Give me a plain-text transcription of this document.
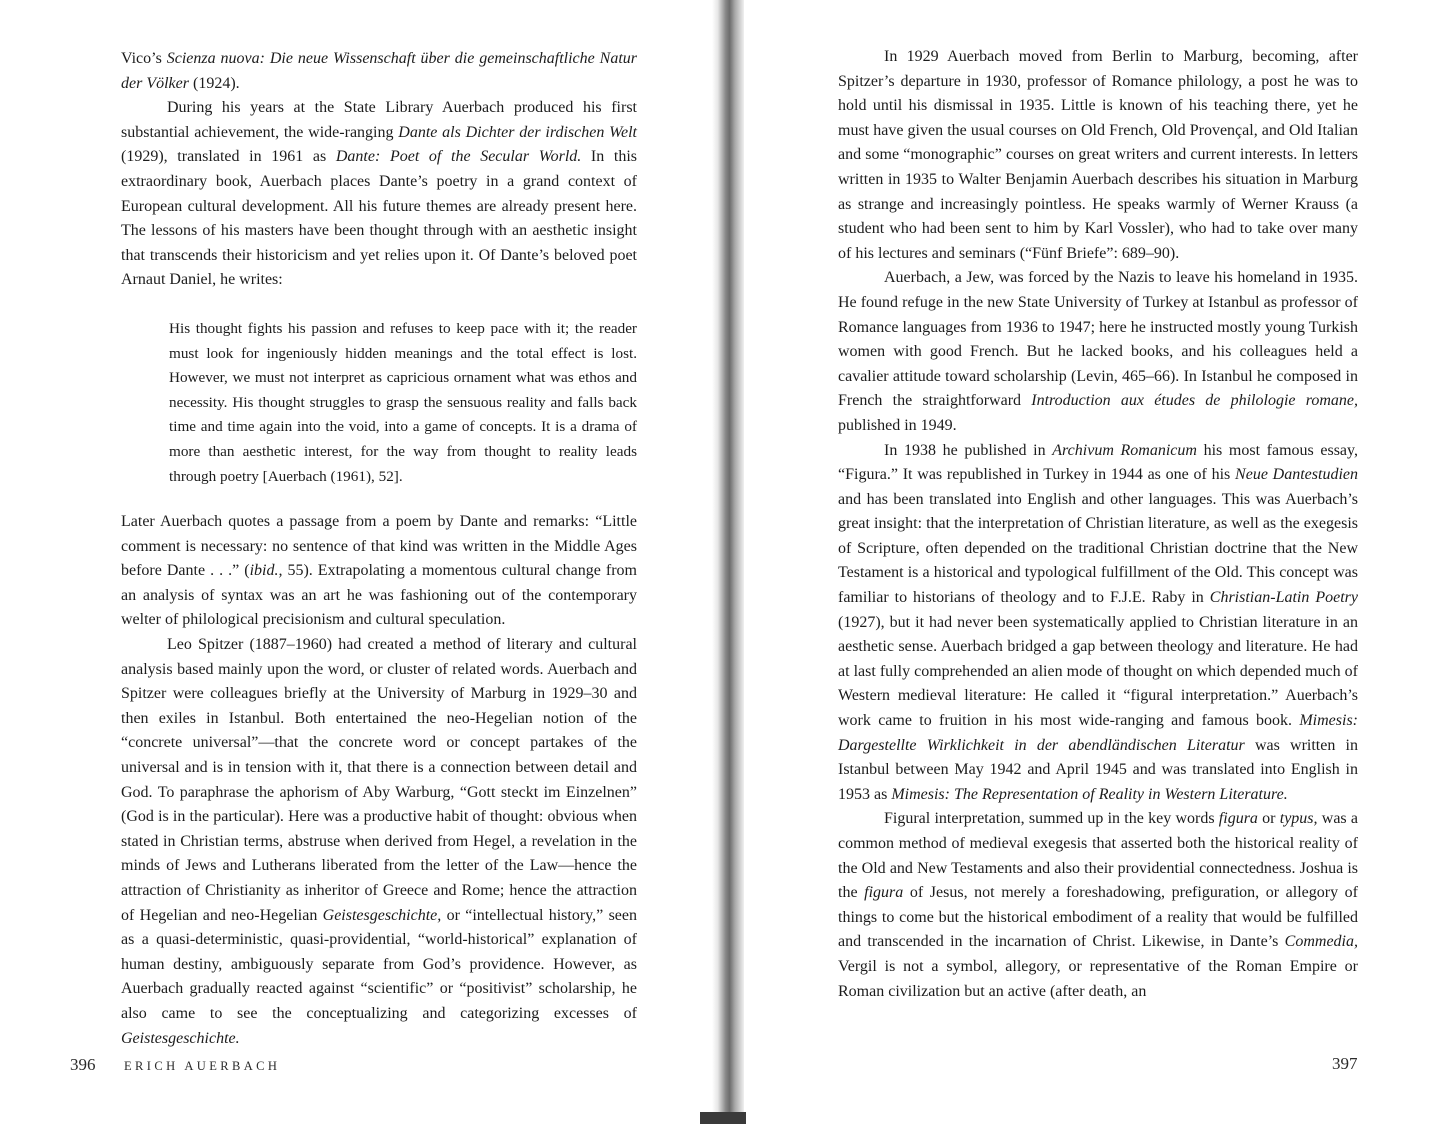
Vico’s Scienza nuova: Die neue Wissenschaft über die gemeinschaftliche Natur der Völker (1924).

During his years at the State Library Auerbach produced his first substantial achievement, the wide-ranging Dante als Dichter der irdischen Welt (1929), translated in 1961 as Dante: Poet of the Secular World. In this extraordinary book, Auerbach places Dante’s poetry in a grand context of European cultural development. All his future themes are already present here. The lessons of his masters have been thought through with an aesthetic insight that transcends their historicism and yet relies upon it. Of Dante’s beloved poet Arnaut Daniel, he writes:

His thought fights his passion and refuses to keep pace with it; the reader must look for ingeniously hidden meanings and the total effect is lost. However, we must not interpret as capricious ornament what was ethos and necessity. His thought struggles to grasp the sensuous reality and falls back time and time again into the void, into a game of concepts. It is a drama of more than aesthetic interest, for the way from thought to reality leads through poetry [Auerbach (1961), 52].

Later Auerbach quotes a passage from a poem by Dante and remarks: “Little comment is necessary: no sentence of that kind was written in the Middle Ages before Dante . . .” (ibid., 55). Extrapolating a momentous cultural change from an analysis of syntax was an art he was fashioning out of the contemporary welter of philological precisionism and cultural speculation.

Leo Spitzer (1887–1960) had created a method of literary and cultural analysis based mainly upon the word, or cluster of related words. Auerbach and Spitzer were colleagues briefly at the University of Marburg in 1929–30 and then exiles in Istanbul. Both entertained the neo-Hegelian notion of the “concrete universal”—that the concrete word or concept partakes of the universal and is in tension with it, that there is a connection between detail and God. To paraphrase the aphorism of Aby Warburg, “Gott steckt im Einzelnen” (God is in the particular). Here was a productive habit of thought: obvious when stated in Christian terms, abstruse when derived from Hegel, a revelation in the minds of Jews and Lutherans liberated from the letter of the Law—hence the attraction of Christianity as inheritor of Greece and Rome; hence the attraction of Hegelian and neo-Hegelian Geistesgeschichte, or “intellectual history,” seen as a quasi-deterministic, quasi-providential, “world-historical” explanation of human destiny, ambiguously separate from God’s providence. However, as Auerbach gradually reacted against “scientific” or “positivist” scholarship, he also came to see the conceptualizing and categorizing excesses of Geistesgeschichte.

396 ERICH AUERBACH

In 1929 Auerbach moved from Berlin to Marburg, becoming, after Spitzer’s departure in 1930, professor of Romance philology, a post he was to hold until his dismissal in 1935. Little is known of his teaching there, yet he must have given the usual courses on Old French, Old Provençal, and Old Italian and some “monographic” courses on great writers and current interests. In letters written in 1935 to Walter Benjamin Auerbach describes his situation in Marburg as strange and increasingly pointless. He speaks warmly of Werner Krauss (a student who had been sent to him by Karl Vossler), who had to take over many of his lectures and seminars (“Fünf Briefe”: 689–90).

Auerbach, a Jew, was forced by the Nazis to leave his homeland in 1935. He found refuge in the new State University of Turkey at Istanbul as professor of Romance languages from 1936 to 1947; here he instructed mostly young Turkish women with good French. But he lacked books, and his colleagues held a cavalier attitude toward scholarship (Levin, 465–66). In Istanbul he composed in French the straightforward Introduction aux études de philologie romane, published in 1949.

In 1938 he published in Archivum Romanicum his most famous essay, “Figura.” It was republished in Turkey in 1944 as one of his Neue Dantestudien and has been translated into English and other languages. This was Auerbach’s great insight: that the interpretation of Christian literature, as well as the exegesis of Scripture, often depended on the traditional Christian doctrine that the New Testament is a historical and typological fulfillment of the Old. This concept was familiar to historians of theology and to F.J.E. Raby in Christian-Latin Poetry (1927), but it had never been systematically applied to Christian literature in an aesthetic sense. Auerbach bridged a gap between theology and literature. He had at last fully comprehended an alien mode of thought on which depended much of Western medieval literature: He called it “figural interpretation.” Auerbach’s work came to fruition in his most wide-ranging and famous book. Mimesis: Dargestellte Wirklichkeit in der abendländischen Literatur was written in Istanbul between May 1942 and April 1945 and was translated into English in 1953 as Mimesis: The Representation of Reality in Western Literature.

Figural interpretation, summed up in the key words figura or typus, was a common method of medieval exegesis that asserted both the historical reality of the Old and New Testaments and also their providential connectedness. Joshua is the figura of Jesus, not merely a foreshadowing, prefiguration, or allegory of things to come but the historical embodiment of a reality that would be fulfilled and transcended in the incarnation of Christ. Likewise, in Dante’s Commedia, Vergil is not a symbol, allegory, or representative of the Roman Empire or Roman civilization but an active (after death, an

397
